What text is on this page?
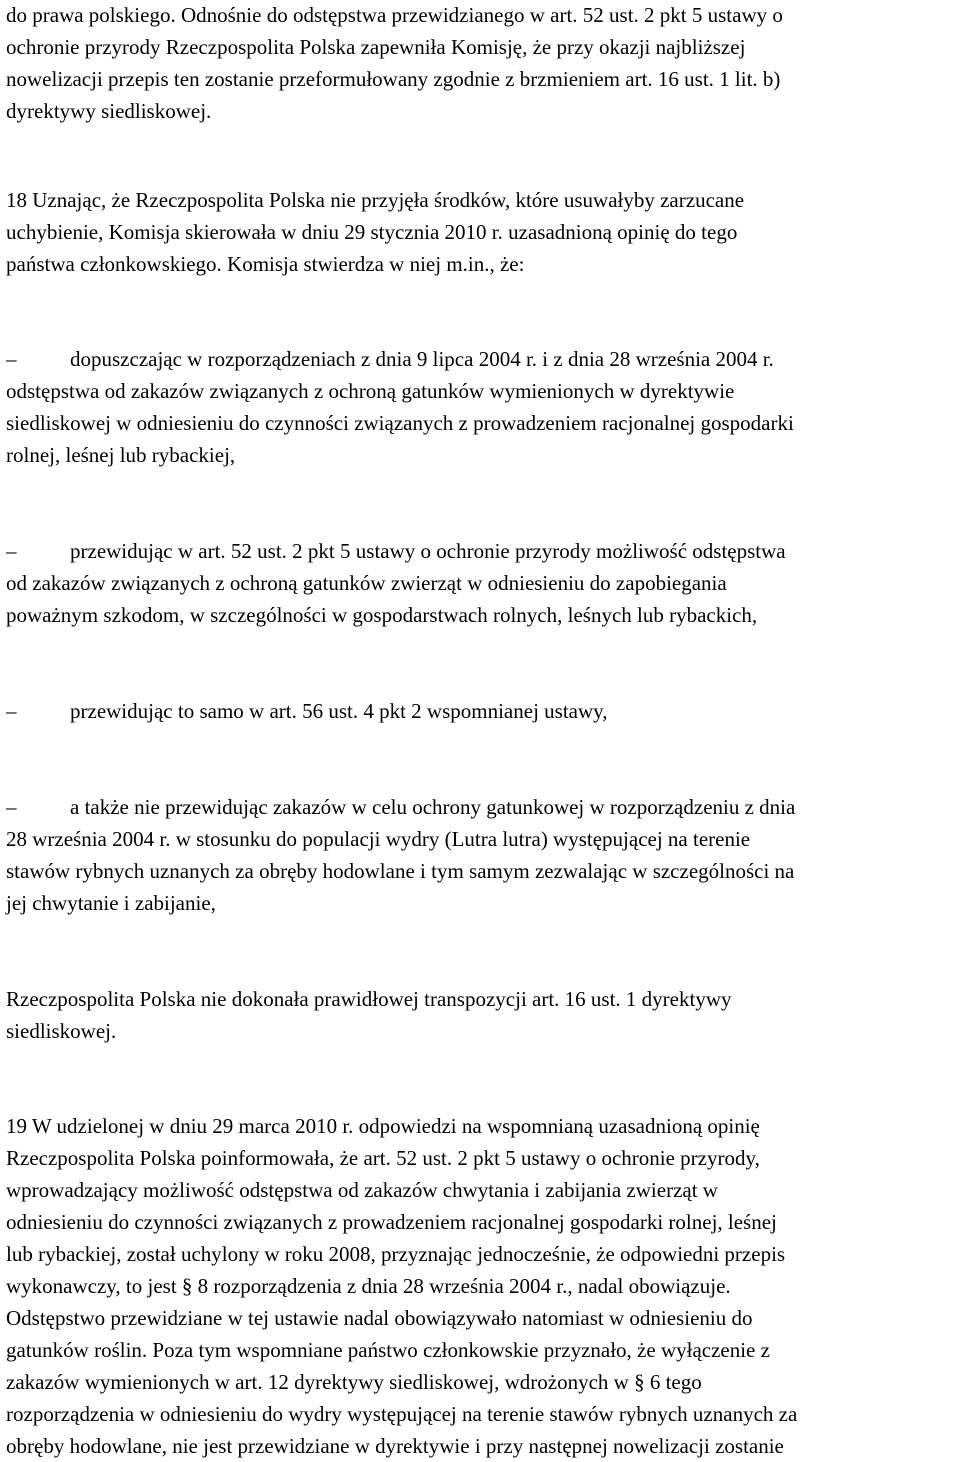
do prawa polskiego. Odnośnie do odstępstwa przewidzianego w art. 52 ust. 2 pkt 5 ustawy o
ochronie przyrody Rzeczpospolita Polska zapewniła Komisję, że przy okazji najbliższej
nowelizacji przepis ten zostanie przeformułowany zgodnie z brzmieniem art. 16 ust. 1 lit. b)
dyrektywy siedliskowej.

18 Uznając, że Rzeczpospolita Polska nie przyjęła środków, które usuwałyby zarzucane
uchybienie, Komisja skierowała w dniu 29 stycznia 2010 r. uzasadnioną opinię do tego
państwa członkowskiego. Komisja stwierdza w niej m.in., że:

–	dopuszczając w rozporządzeniach z dnia 9 lipca 2004 r. i z dnia 28 września 2004 r.
odstępstwa od zakazów związanych z ochroną gatunków wymienionych w dyrektywie
siedliskowej w odniesieniu do czynności związanych z prowadzeniem racjonalnej gospodarki
rolnej, leśnej lub rybackiej,
–	przewidując w art. 52 ust. 2 pkt 5 ustawy o ochronie przyrody możliwość odstępstwa
od zakazów związanych z ochroną gatunków zwierząt w odniesieniu do zapobiegania
poważnym szkodom, w szczególności w gospodarstwach rolnych, leśnych lub rybackich,
–	przewidując to samo w art. 56 ust. 4 pkt 2 wspomnianej ustawy,
–	a także nie przewidując zakazów w celu ochrony gatunkowej w rozporządzeniu z dnia
28 września 2004 r. w stosunku do populacji wydry (Lutra lutra) występującej na terenie
stawów rybnych uznanych za obręby hodowlane i tym samym zezwalając w szczególności na
jej chwytanie i zabijanie,

Rzeczpospolita Polska nie dokonała prawidłowej transpozycji art. 16 ust. 1 dyrektywy
siedliskowej.

19 W udzielonej w dniu 29 marca 2010 r. odpowiedzi na wspomnianą uzasadnioną opinię
Rzeczpospolita Polska poinformowała, że art. 52 ust. 2 pkt 5 ustawy o ochronie przyrody,
wprowadzający możliwość odstępstwa od zakazów chwytania i zabijania zwierząt w
odniesieniu do czynności związanych z prowadzeniem racjonalnej gospodarki rolnej, leśnej
lub rybackiej, został uchylony w roku 2008, przyznając jednocześnie, że odpowiedni przepis
wykonawczy, to jest § 8 rozporządzenia z dnia 28 września 2004 r., nadal obowiązuje.
Odstępstwo przewidziane w tej ustawie nadal obowiązywało natomiast w odniesieniu do
gatunków roślin. Poza tym wspomniane państwo członkowskie przyznało, że wyłączenie z
zakazów wymienionych w art. 12 dyrektywy siedliskowej, wdrożonych w § 6 tego
rozporządzenia w odniesieniu do wydry występującej na terenie stawów rybnych uznanych za
obręby hodowlane, nie jest przewidziane w dyrektywie i przy następnej nowelizacji zostanie
